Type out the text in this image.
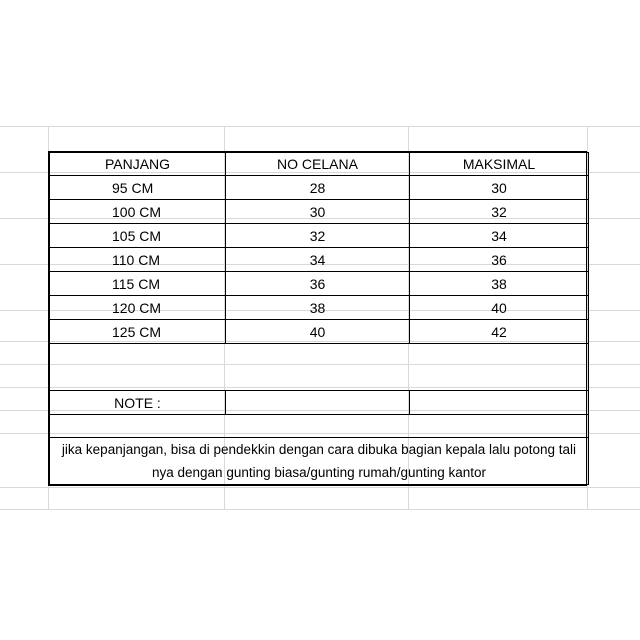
PANJANG	NO CELANA	MAKSIMAL
95 CM	28	30
100 CM	30	32
105 CM	32	34
110 CM	34	36
115 CM	36	38
120 CM	38	40
125 CM	40	42

NOTE :		

jika kepanjangan, bisa di pendekkin dengan cara dibuka bagian kepala lalu potong tali nya dengan gunting biasa/gunting rumah/gunting kantor		
